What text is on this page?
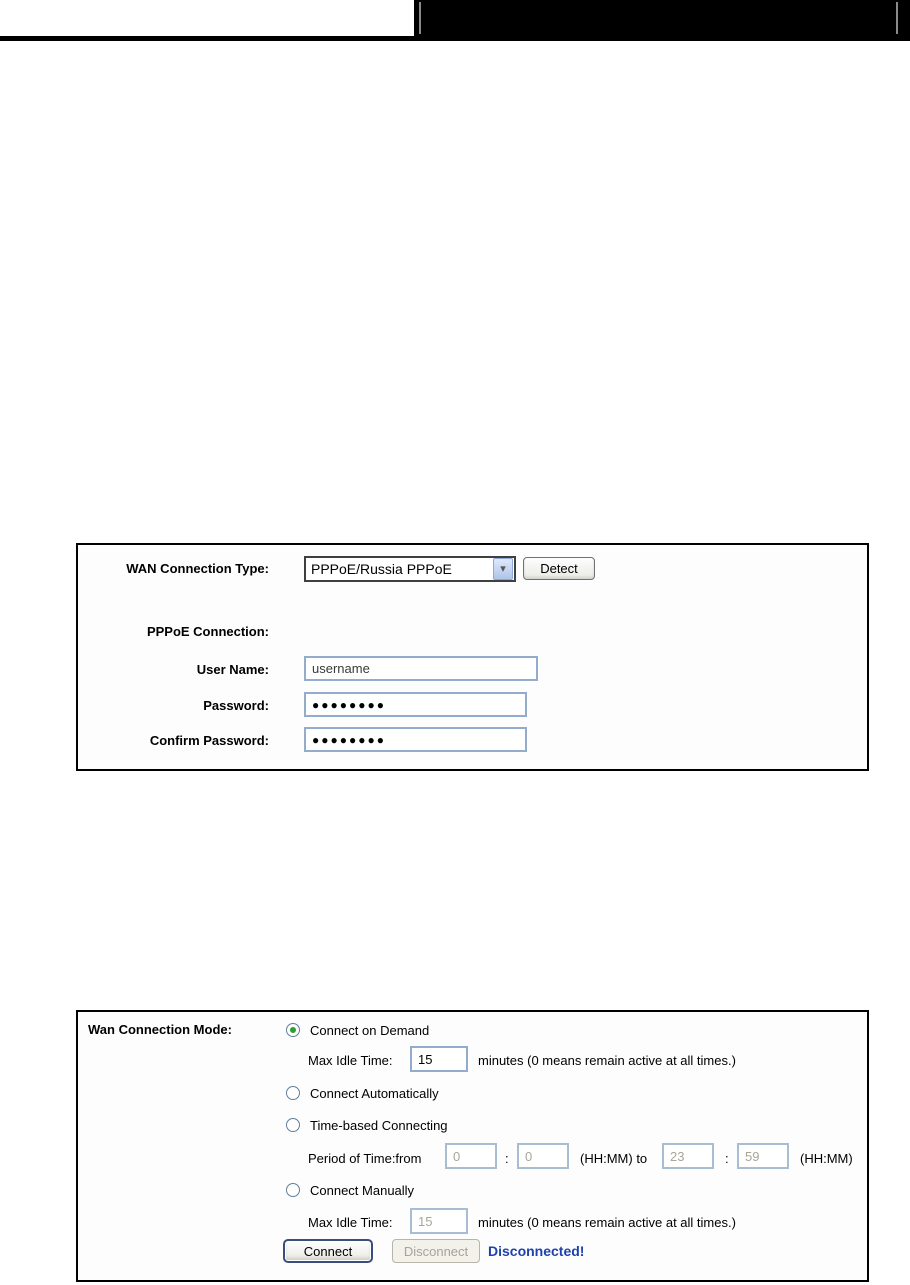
WAN Connection Type:	PPPoE/Russia PPPoE	▾	Detect
PPPoE Connection:
User Name:
username
Password:
●●●●●●●●
Confirm Password:
●●●●●●●●
Wan Connection Mode:	Connect on Demand
Max Idle Time:
15	minutes (0 means remain active at all times.)
Connect Automatically
Time-based Connecting
Period of Time:from
0	:
0	(HH:MM) to
23	:
59	(HH:MM)
Connect Manually
Max Idle Time:
15	minutes (0 means remain active at all times.)
Connect	Disconnect	Disconnected!
